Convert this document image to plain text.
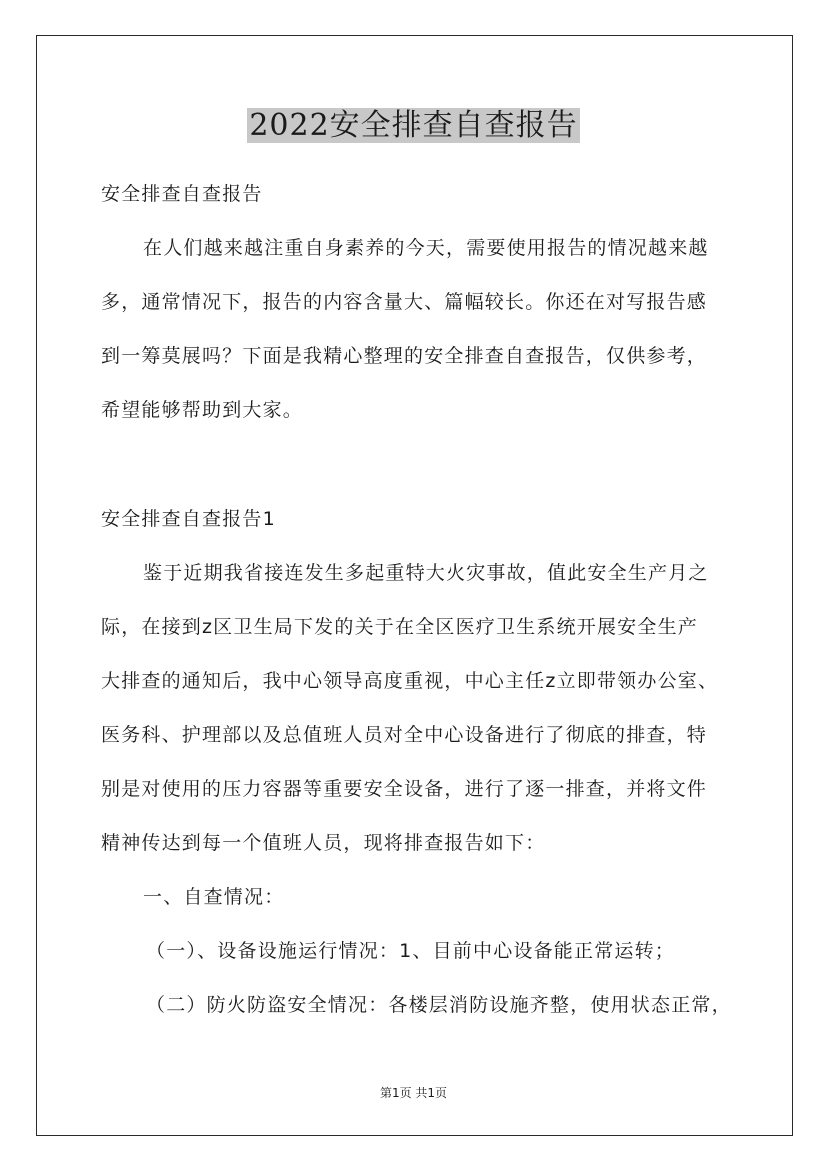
2022安全排查自查报告
安全排查自查报告
在人们越来越注重自身素养的今天，需要使用报告的情况越来越
多，通常情况下，报告的内容含量大、篇幅较长。你还在对写报告感
到一筹莫展吗？下面是我精心整理的安全排查自查报告，仅供参考，
希望能够帮助到大家。
安全排查自查报告1
鉴于近期我省接连发生多起重特大火灾事故，值此安全生产月之
际，在接到z区卫生局下发的关于在全区医疗卫生系统开展安全生产
大排查的通知后，我中心领导高度重视，中心主任z立即带领办公室、
医务科、护理部以及总值班人员对全中心设备进行了彻底的排查，特
别是对使用的压力容器等重要安全设备，进行了逐一排查，并将文件
精神传达到每一个值班人员，现将排查报告如下：
一、自查情况：
（一）、设备设施运行情况：1、目前中心设备能正常运转；
（二）防火防盗安全情况：各楼层消防设施齐整，使用状态正常，
第1页 共1页
